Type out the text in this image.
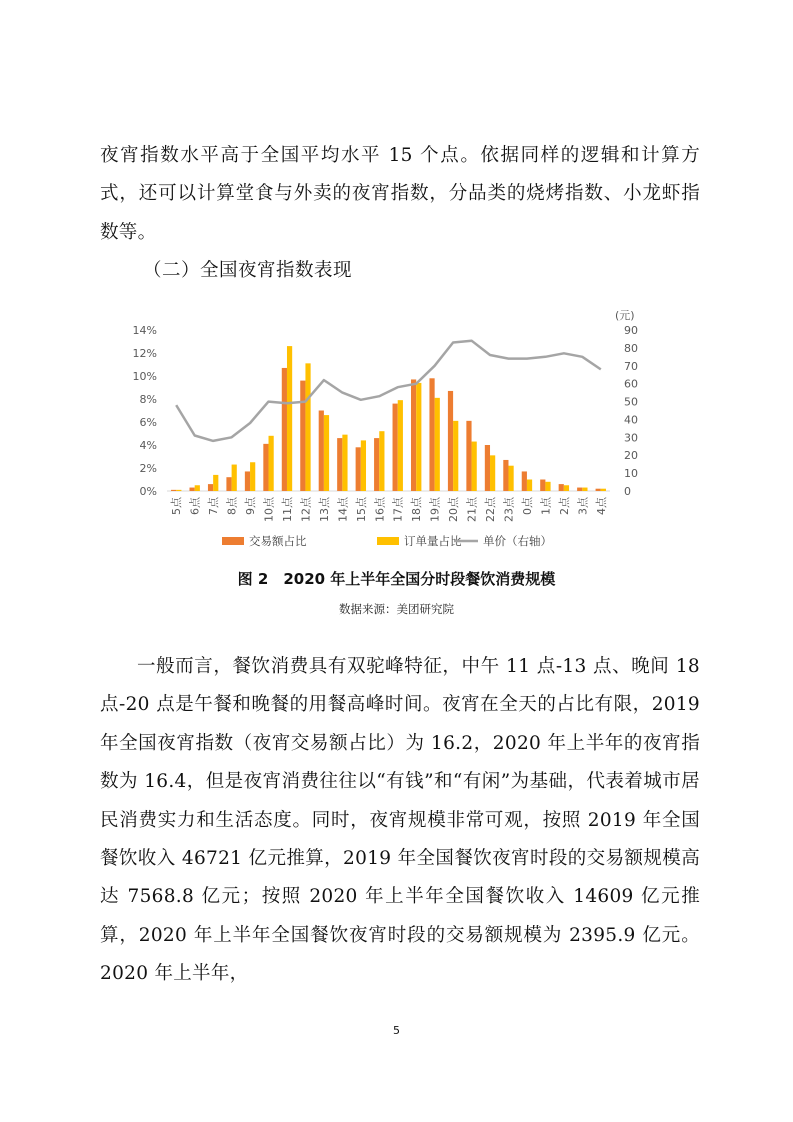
夜宵指数水平高于全国平均水平 15 个点。依据同样的逻辑和计算方式，还可以计算堂食与外卖的夜宵指数，分品类的烧烤指数、小龙虾指数等。

（二）全国夜宵指数表现

0%
2%
4%
6%
8%
10%
12%
14%
0
10
20
30
40
50
60
70
80
90
(元)
5点 6点 7点 8点 9点 10点 11点 12点 13点 14点 15点 16点 17点 18点 19点 20点 21点 22点 23点 0点 1点 2点 3点 4点
交易额占比	订单量占比 单价（右轴）

图 2　2020 年上半年全国分时段餐饮消费规模

数据来源：美团研究院

一般而言，餐饮消费具有双驼峰特征，中午 11 点-13 点、晚间 18 点-20 点是午餐和晚餐的用餐高峰时间。夜宵在全天的占比有限，2019 年全国夜宵指数（夜宵交易额占比）为 16.2，2020 年上半年的夜宵指数为 16.4，但是夜宵消费往往以“有钱”和“有闲”为基础，代表着城市居民消费实力和生活态度。同时，夜宵规模非常可观，按照 2019 年全国餐饮收入 46721 亿元推算，2019 年全国餐饮夜宵时段的交易额规模高达 7568.8 亿元；按照 2020 年上半年全国餐饮收入 14609 亿元推算，2020 年上半年全国餐饮夜宵时段的交易额规模为 2395.9 亿元。2020 年上半年，

5
